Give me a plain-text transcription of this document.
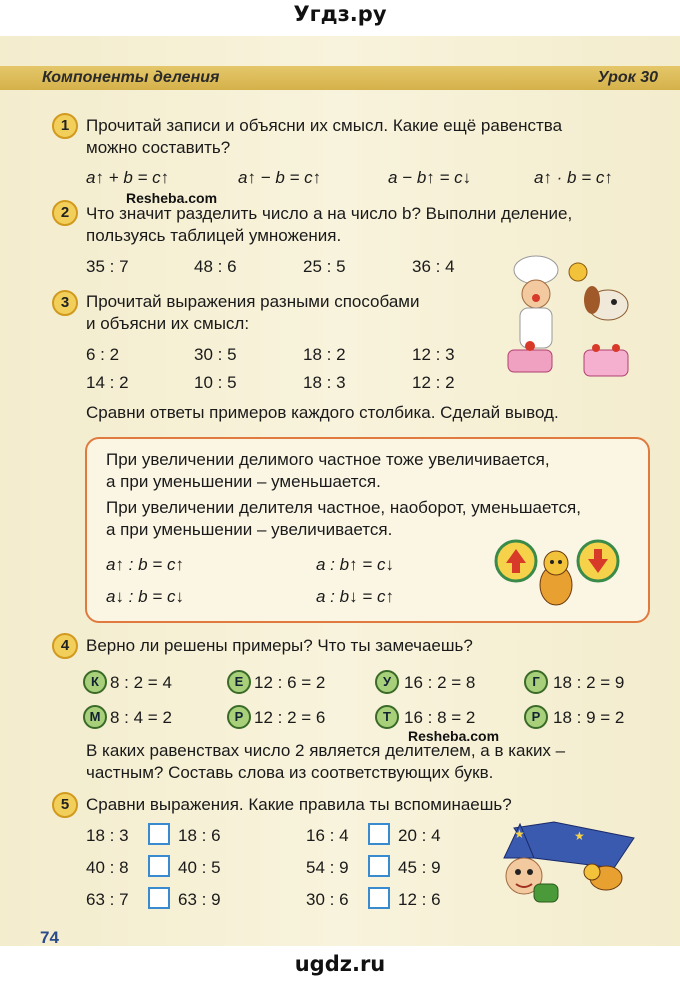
Угдз.ру
Компоненты деления	Урок 30
1 Прочитай записи и объясни их смысл. Какие ещё равенства
можно составить?
a↑ + b = c↑	a↑ − b = c↑	a − b↑ = c↓	a↑ · b = c↑
Resheba.com
2 Что значит разделить число a на число b? Выполни деление,
пользуясь таблицей умножения.
35 : 7	48 : 6	25 : 5	36 : 4
3 Прочитай выражения разными способами
и объясни их смысл:
6 : 2	30 : 5	18 : 2	12 : 3
14 : 2	10 : 5	18 : 3	12 : 2
Сравни ответы примеров каждого столбика. Сделай вывод.
При увеличении делимого частное тоже увеличивается,
а при уменьшении – уменьшается.
При увеличении делителя частное, наоборот, уменьшается,
а при уменьшении – увеличивается.
a↑ : b = c↑	a : b↑ = c↓
a↓ : b = c↓	a : b↓ = c↑
4 Верно ли решены примеры? Что ты замечаешь?
К 8 : 2 = 4	Е 12 : 6 = 2	У 16 : 2 = 8	Г 18 : 2 = 9
М 8 : 4 = 2	Р 12 : 2 = 6	Т 16 : 8 = 2	Р 18 : 9 = 2
Resheba.com
В каких равенствах число 2 является делителем, а в каких –
частным? Составь слова из соответствующих букв.
5 Сравни выражения. Какие правила ты вспоминаешь?
18 : 3	18 : 6	16 : 4	20 : 4
40 : 8	40 : 5	54 : 9	45 : 9
63 : 7	63 : 9	30 : 6	12 : 6
★	★
74
ugdz.ru
